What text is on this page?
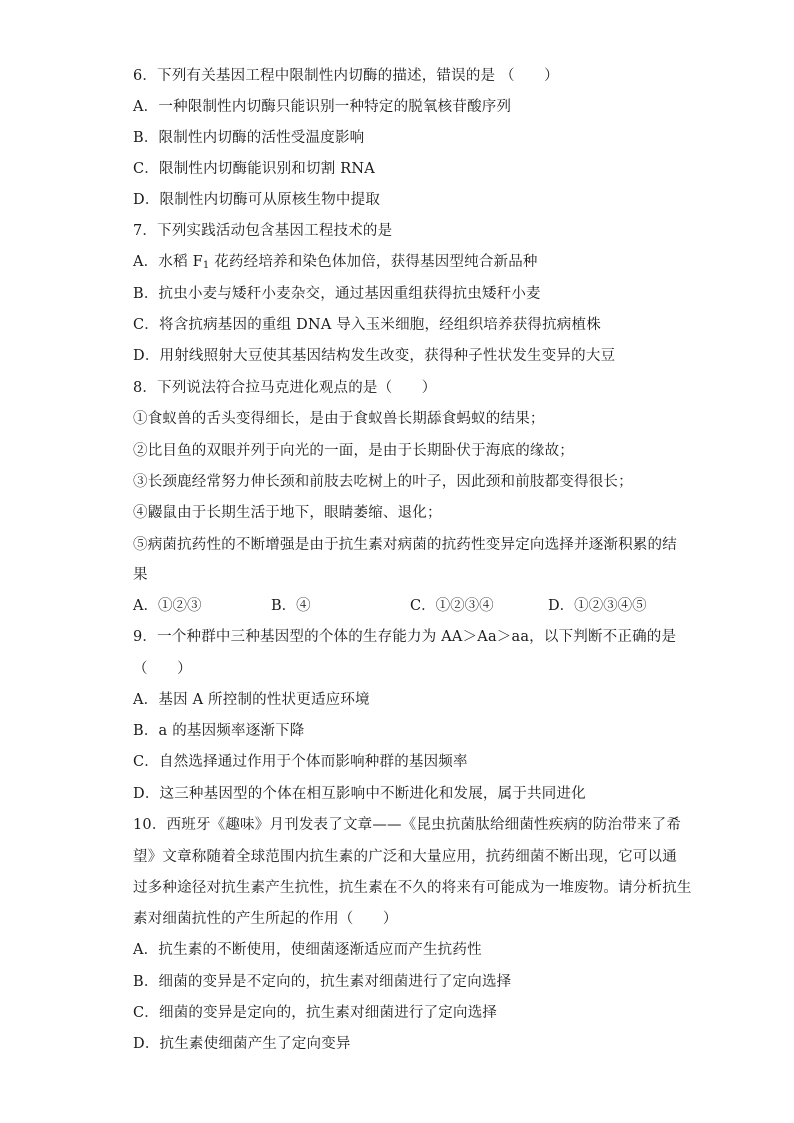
6．下列有关基因工程中限制性内切酶的描述，错误的是 （　　）
A．一种限制性内切酶只能识别一种特定的脱氧核苷酸序列
B．限制性内切酶的活性受温度影响
C．限制性内切酶能识别和切割 RNA
D．限制性内切酶可从原核生物中提取
7．下列实践活动包含基因工程技术的是
A．水稻 $F_1$ 花药经培养和染色体加倍，获得基因型纯合新品种
B．抗虫小麦与矮秆小麦杂交，通过基因重组获得抗虫矮秆小麦
C．将含抗病基因的重组 DNA 导入玉米细胞，经组织培养获得抗病植株
D．用射线照射大豆使其基因结构发生改变，获得种子性状发生变异的大豆
8．下列说法符合拉马克进化观点的是（　　）
①食蚁兽的舌头变得细长，是由于食蚁兽长期舔食蚂蚁的结果；
②比目鱼的双眼并列于向光的一面，是由于长期卧伏于海底的缘故；
③长颈鹿经常努力伸长颈和前肢去吃树上的叶子，因此颈和前肢都变得很长；
④鼹鼠由于长期生活于地下，眼睛萎缩、退化；
⑤病菌抗药性的不断增强是由于抗生素对病菌的抗药性变异定向选择并逐渐积累的结
果
A．①②③	B．④	C．①②③④	D．①②③④⑤
9．一个种群中三种基因型的个体的生存能力为 AA＞Aa＞aa，以下判断不正确的是
（　　）
A．基因 A 所控制的性状更适应环境
B．a 的基因频率逐渐下降
C．自然选择通过作用于个体而影响种群的基因频率
D．这三种基因型的个体在相互影响中不断进化和发展，属于共同进化
10．西班牙《趣味》月刊发表了文章——《昆虫抗菌肽给细菌性疾病的防治带来了希
望》文章称随着全球范围内抗生素的广泛和大量应用，抗药细菌不断出现，它可以通
过多种途径对抗生素产生抗性，抗生素在不久的将来有可能成为一堆废物。请分析抗生
素对细菌抗性的产生所起的作用（　　）
A．抗生素的不断使用，使细菌逐渐适应而产生抗药性
B．细菌的变异是不定向的，抗生素对细菌进行了定向选择
C．细菌的变异是定向的，抗生素对细菌进行了定向选择
D．抗生素使细菌产生了定向变异
